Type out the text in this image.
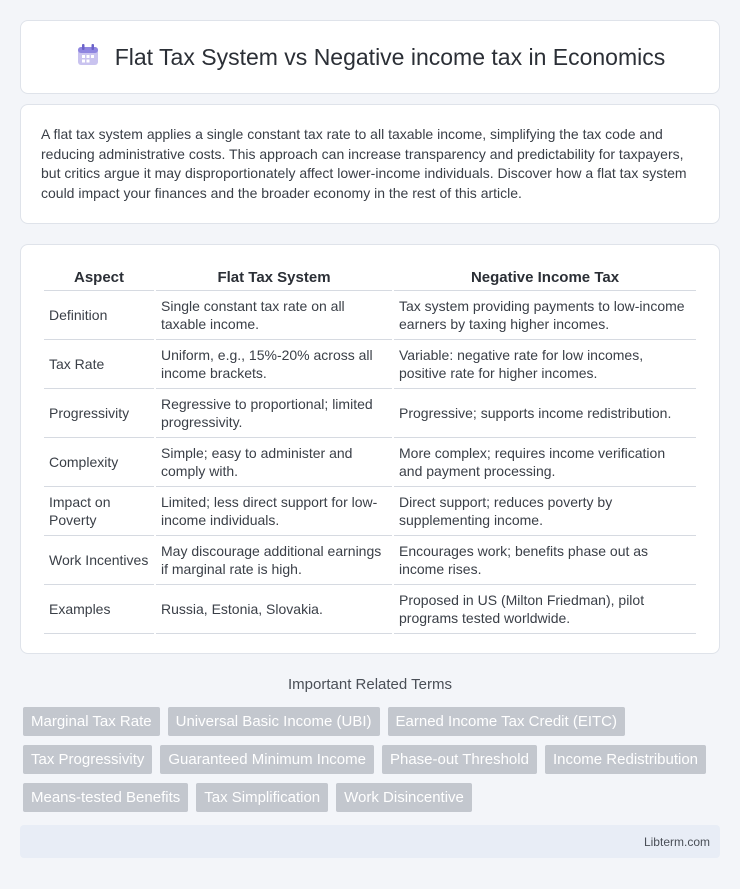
Flat Tax System vs Negative income tax in Economics

A flat tax system applies a single constant tax rate to all taxable income, simplifying the tax code and reducing administrative costs. This approach can increase transparency and predictability for taxpayers, but critics argue it may disproportionately affect lower-income individuals. Discover how a flat tax system could impact your finances and the broader economy in the rest of this article.

Aspect	Flat Tax System	Negative Income Tax
Definition	Single constant tax rate on all taxable income.	Tax system providing payments to low-income earners by taxing higher incomes.
Tax Rate	Uniform, e.g., 15%-20% across all income brackets.	Variable: negative rate for low incomes, positive rate for higher incomes.
Progressivity	Regressive to proportional; limited progressivity.	Progressive; supports income redistribution.
Complexity	Simple; easy to administer and comply with.	More complex; requires income verification and payment processing.
Impact on Poverty	Limited; less direct support for low-income individuals.	Direct support; reduces poverty by supplementing income.
Work Incentives	May discourage additional earnings if marginal rate is high.	Encourages work; benefits phase out as income rises.
Examples	Russia, Estonia, Slovakia.	Proposed in US (Milton Friedman), pilot programs tested worldwide.
Important Related Terms
Marginal Tax Rate	Universal Basic Income (UBI)	Earned Income Tax Credit (EITC)
Tax Progressivity	Guaranteed Minimum Income	Phase-out Threshold	Income Redistribution
Means-tested Benefits	Tax Simplification	Work Disincentive
Libterm.com
